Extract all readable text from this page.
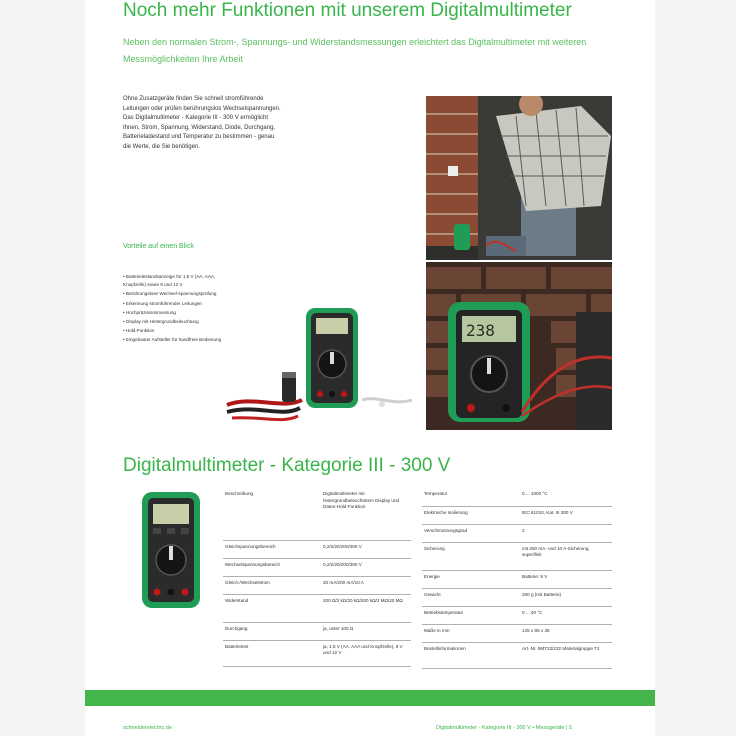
Noch mehr Funktionen mit unserem Digitalmultimeter
Neben den normalen Strom-, Spannungs- und Widerstandsmessungen erleichtert das Digitalmultimeter mit weiteren Messmöglichkeiten Ihre Arbeit
Ohne Zusatzgeräte finden Sie schnell stromführende Leitungen oder prüfen berührungslos Wechselspannungen. Das Digitalmultimeter - Kategorie III - 300 V ermöglicht Ihnen, Strom, Spannung, Widerstand, Diode, Durchgang, Batterieladestand und Temperatur zu bestimmen - genau die Werte, die Sie benötigen.
Vorteile auf einen Blick
• Batterielestandsanzeige für 1,5 V (AA, AAA, Knopfzelle) sowie 9 und 12 V
• Berührungslose Wechsel-spannungsprüfung
• Erkennung stromführender Leitungen
• Hochpräzisionsmessung
• Display mit Hintergrundbeleuchtung
• Hold-Funktion
• Eingebauter Aufsteller für handfreie Bedienung	238
Digitalmultimeter - Kategorie III - 300 V
Beschreibung	Digitalmultimeter mit hintergrundbeleuchtetem Display und Daten-Hold-Funktion
Gleichspannungsbereich	0,2/2/20/200/300 V
Wechselspannungsbereich	0,2/2/20/200/300 V
Gleich-/Wechselstrom	20 mA/200 mA/10 A
Widerstand	200 Ω/2 kΩ/20 kΩ/200 kΩ/2 MΩ/20 MΩ
Durchgang	ja, unter 100 Ω
Batterietest	ja, 1,5 V (AA, AAA und Knopfzelle), 9 V und 12 V
Temperatur	0 ... 1000 °C
Elektrische Isolierung	IEC 61010, Kat. III 300 V
Verschmutzungsgrad	2
Sicherung	mit 250 mA- und 10 A-Sicherung, superflink
Energie	Batterie: 9 V
Gewicht	260 g (mit Batterie)
Betriebstemperatur	0 ... 40 °C
Maße in mm	145 x 85 x 35
Bestellinformationen	Art.-Nr. 9MT22/232 Materialgruppe TJ
schneiderelectric.de	Digitalmultimeter - Kategorie III - 300 V • Messgeräte | 5
